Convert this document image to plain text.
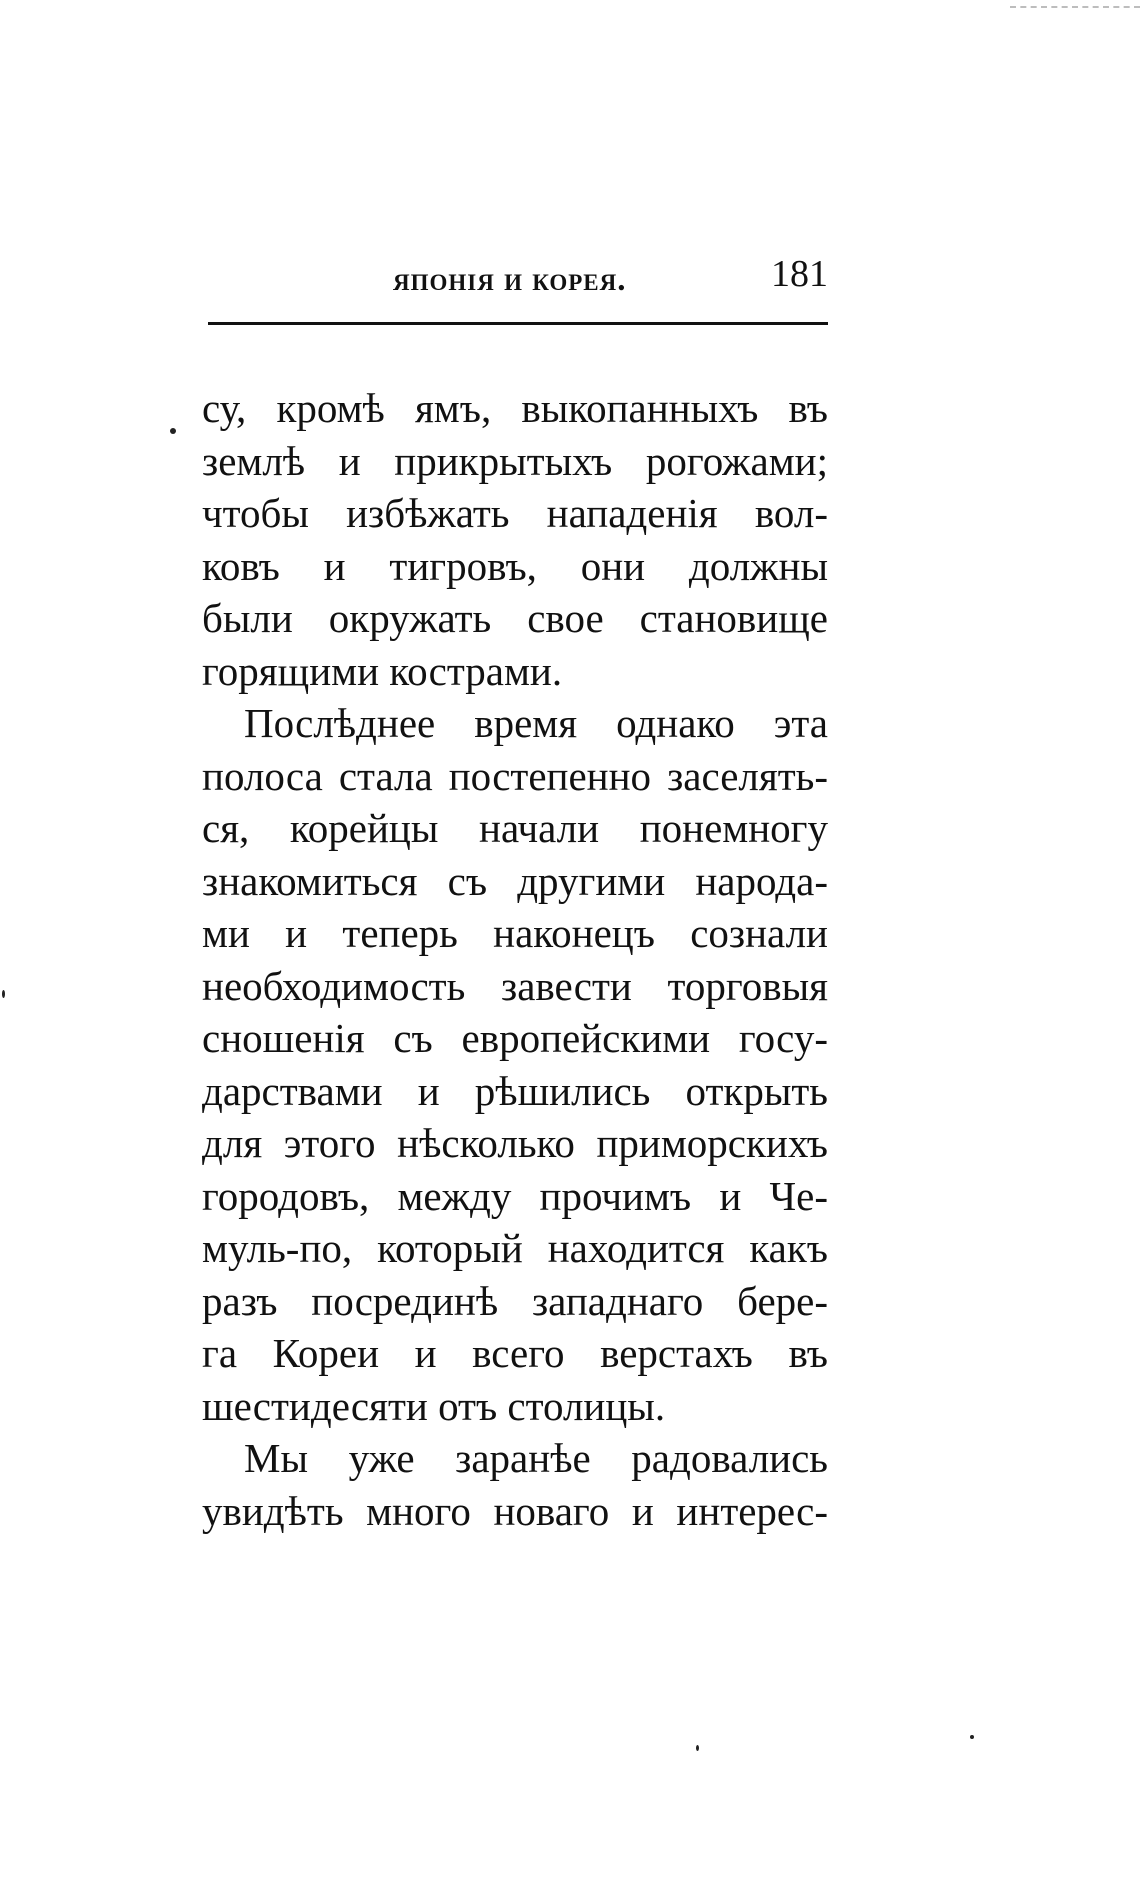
японія и корея.	181
су, кромѣ ямъ, выкопанныхъ въ
землѣ и прикрытыхъ рогожами;
чтобы избѣжать нападенія вол-
ковъ и тигровъ, они должны
были окружать свое становище
горящими кострами.
Послѣднее время однако эта
полоса стала постепенно заселять-
ся, корейцы начали понемногу
знакомиться съ другими народа-
ми и теперь наконецъ сознали
необходимость завести торговыя
сношенія съ европейскими госу-
дарствами и рѣшились открыть
для этого нѣсколько приморскихъ
городовъ, между прочимъ и Че-
муль-по, который находится какъ
разъ посрединѣ западнаго бере-
га Кореи и всего верстахъ въ
шестидесяти отъ столицы.
Мы уже заранѣе радовались
увидѣть много новаго и интерес-
